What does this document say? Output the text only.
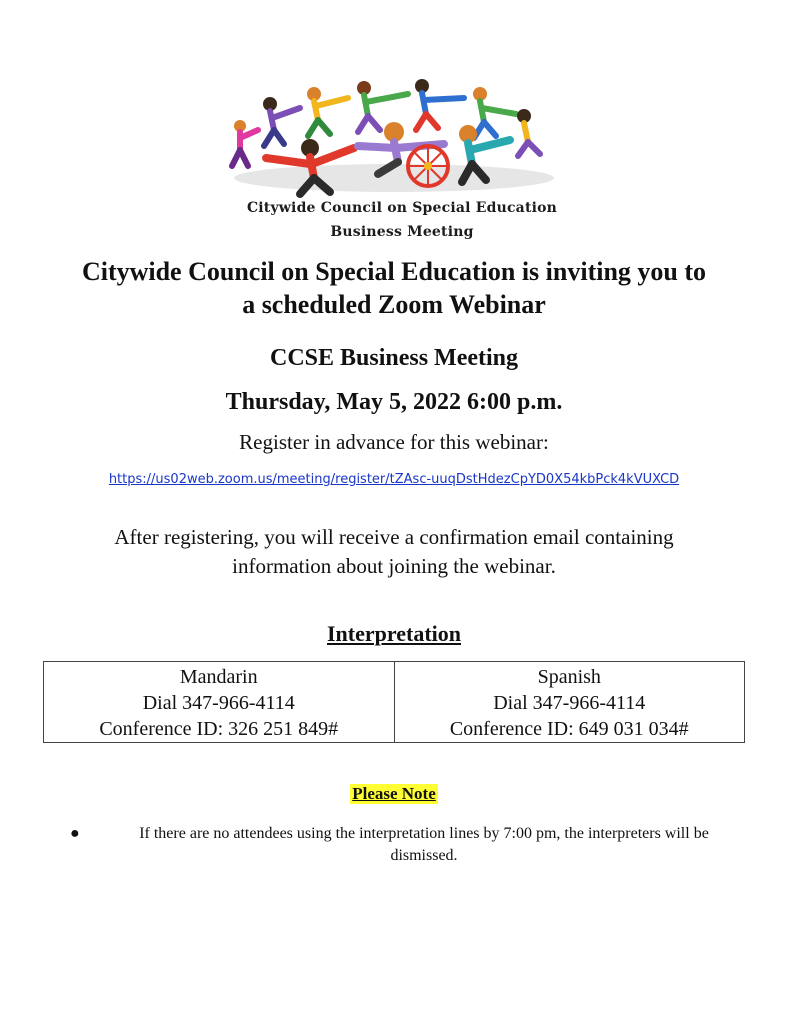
Citywide Council on Special Education
Business Meeting
Citywide Council on Special Education is inviting you to
a scheduled Zoom Webinar
CCSE Business Meeting
Thursday, May 5, 2022 6:00 p.m.
Register in advance for this webinar:
https://us02web.zoom.us/meeting/register/tZAsc-uuqDstHdezCpYD0X54kbPck4kVUXCD
After registering, you will receive a confirmation email containing
information about joining the webinar.
Interpretation
Mandarin
Dial 347-966-4114
Conference ID: 326 251 849#

Spanish
Dial 347-966-4114
Conference ID: 649 031 034#
Please Note
●	If there are no attendees using the interpretation lines by 7:00 pm, the interpreters will be
dismissed.
